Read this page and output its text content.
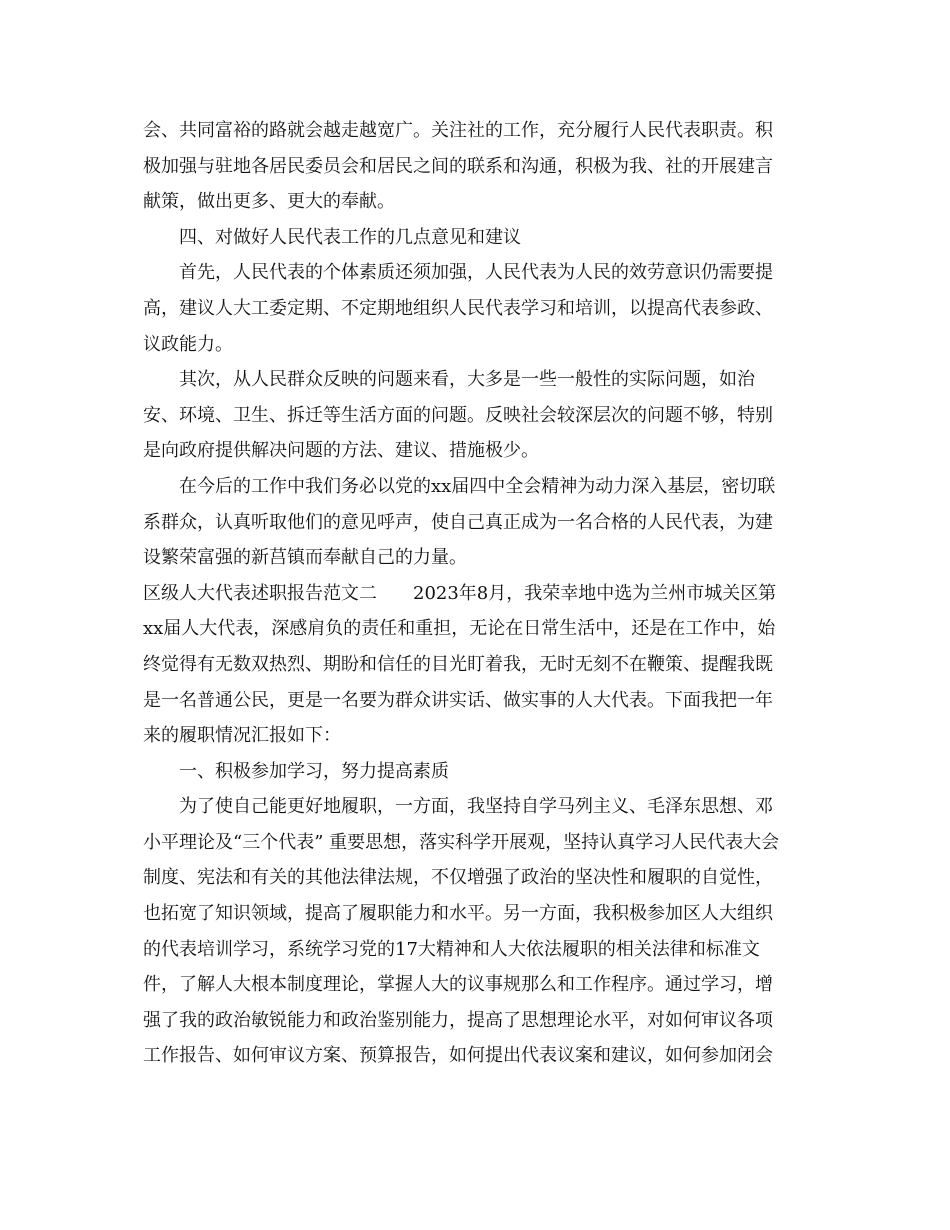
会、共同富裕的路就会越走越宽广。关注社的工作，充分履行人民代表职责。积
极加强与驻地各居民委员会和居民之间的联系和沟通，积极为我、社的开展建言
献策，做出更多、更大的奉献。
四、对做好人民代表工作的几点意见和建议
首先，人民代表的个体素质还须加强，人民代表为人民的效劳意识仍需要提
高，建议人大工委定期、不定期地组织人民代表学习和培训，以提高代表参政、
议政能力。
其次，从人民群众反映的问题来看，大多是一些一般性的实际问题，如治
安、环境、卫生、拆迁等生活方面的问题。反映社会较深层次的问题不够，特别
是向政府提供解决问题的方法、建议、措施极少。
在今后的工作中我们务必以党的xx届四中全会精神为动力深入基层，密切联
系群众，认真听取他们的意见呼声，使自己真正成为一名合格的人民代表，为建
设繁荣富强的新莒镇而奉献自己的力量。
区级人大代表述职报告范文二　　2023年8月，我荣幸地中选为兰州市城关区第
xx届人大代表，深感肩负的责任和重担，无论在日常生活中，还是在工作中，始
终觉得有无数双热烈、期盼和信任的目光盯着我，无时无刻不在鞭策、提醒我既
是一名普通公民，更是一名要为群众讲实话、做实事的人大代表。下面我把一年
来的履职情况汇报如下：
一、积极参加学习，努力提高素质
为了使自己能更好地履职，一方面，我坚持自学马列主义、毛泽东思想、邓
小平理论及“三个代表” 重要思想，落实科学开展观，坚持认真学习人民代表大会
制度、宪法和有关的其他法律法规，不仅增强了政治的坚决性和履职的自觉性，
也拓宽了知识领域，提高了履职能力和水平。另一方面，我积极参加区人大组织
的代表培训学习，系统学习党的17大精神和人大依法履职的相关法律和标准文
件，了解人大根本制度理论，掌握人大的议事规那么和工作程序。通过学习，增
强了我的政治敏锐能力和政治鉴别能力，提高了思想理论水平，对如何审议各项
工作报告、如何审议方案、预算报告，如何提出代表议案和建议，如何参加闭会
